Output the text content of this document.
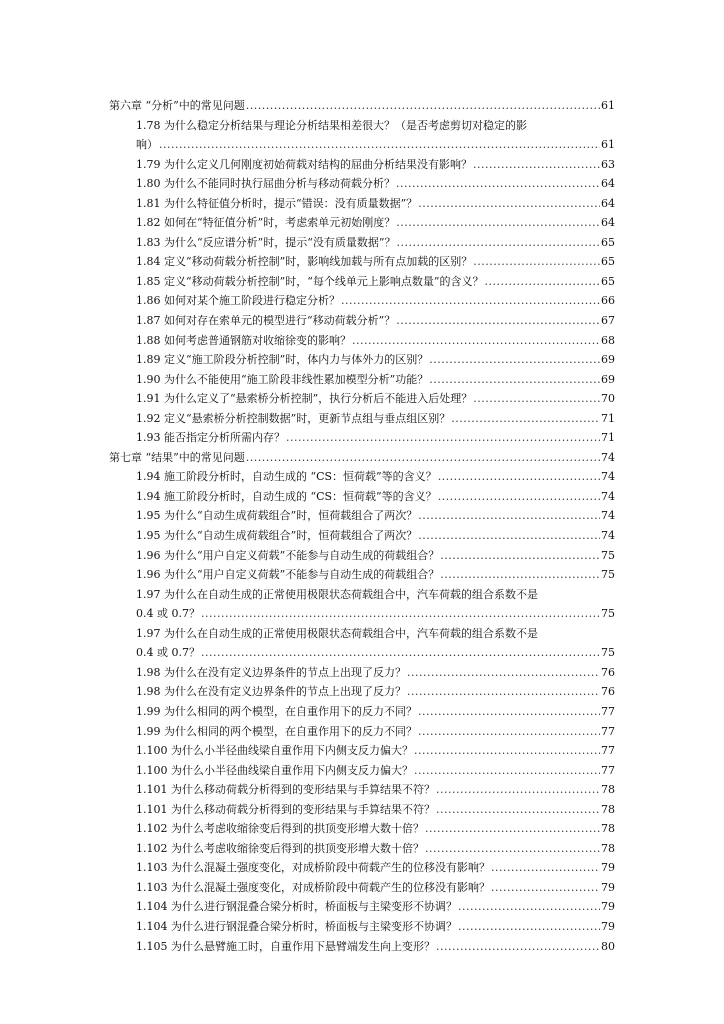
第六章 “分析”中的常见问题 .....	61
1.78 为什么稳定分析结果与理论分析结果相差很大？（是否考虑剪切对稳定的影
响） .....	61
1.79 为什么定义几何刚度初始荷载对结构的屈曲分析结果没有影响？ .....	63
1.80 为什么不能同时执行屈曲分析与移动荷载分析？ .....	64
1.81 为什么特征值分析时，提示“错误：没有质量数据”？ .....	64
1.82 如何在“特征值分析”时，考虑索单元初始刚度？ .....	64
1.83 为什么“反应谱分析”时，提示“没有质量数据”？ .....	65
1.84 定义“移动荷载分析控制”时，影响线加载与所有点加载的区别？ .....	65
1.85 定义“移动荷载分析控制”时，“每个线单元上影响点数量”的含义？ .....	65
1.86 如何对某个施工阶段进行稳定分析？ .....	66
1.87 如何对存在索单元的模型进行“移动荷载分析”？ .....	67
1.88 如何考虑普通钢筋对收缩徐变的影响？ .....	68
1.89 定义“施工阶段分析控制”时，体内力与体外力的区别？ .....	69
1.90 为什么不能使用“施工阶段非线性累加模型分析”功能？ .....	69
1.91 为什么定义了“悬索桥分析控制”，执行分析后不能进入后处理？ .....	70
1.92 定义“悬索桥分析控制数据”时，更新节点组与垂点组区别？ .....	71
1.93 能否指定分析所需内存？ .....	71
第七章 “结果”中的常见问题 .....	74
1.94 施工阶段分析时，自动生成的 “CS：恒荷载”等的含义？ .....	74
1.94 施工阶段分析时，自动生成的 “CS：恒荷载”等的含义？ .....	74
1.95 为什么“自动生成荷载组合”时，恒荷载组合了两次？ .....	74
1.95 为什么“自动生成荷载组合”时，恒荷载组合了两次？ .....	74
1.96 为什么“用户自定义荷载”不能参与自动生成的荷载组合？ .....	75
1.96 为什么“用户自定义荷载”不能参与自动生成的荷载组合？ .....	75
1.97 为什么在自动生成的正常使用极限状态荷载组合中，汽车荷载的组合系数不是
0.4 或 0.7？ .....	75
1.97 为什么在自动生成的正常使用极限状态荷载组合中，汽车荷载的组合系数不是
0.4 或 0.7？ .....	75
1.98 为什么在没有定义边界条件的节点上出现了反力？ .....	76
1.98 为什么在没有定义边界条件的节点上出现了反力？ .....	76
1.99 为什么相同的两个模型，在自重作用下的反力不同？ .....	77
1.99 为什么相同的两个模型，在自重作用下的反力不同？ .....	77
1.100 为什么小半径曲线梁自重作用下内侧支反力偏大？ .....	77
1.100 为什么小半径曲线梁自重作用下内侧支反力偏大？ .....	77
1.101 为什么移动荷载分析得到的变形结果与手算结果不符？ .....	78
1.101 为什么移动荷载分析得到的变形结果与手算结果不符？ .....	78
1.102 为什么考虑收缩徐变后得到的拱顶变形增大数十倍？ .....	78
1.102 为什么考虑收缩徐变后得到的拱顶变形增大数十倍？ .....	78
1.103 为什么混凝土强度变化，对成桥阶段中荷载产生的位移没有影响？ .....	79
1.103 为什么混凝土强度变化，对成桥阶段中荷载产生的位移没有影响？ .....	79
1.104 为什么进行钢混叠合梁分析时，桥面板与主梁变形不协调？ .....	79
1.104 为什么进行钢混叠合梁分析时，桥面板与主梁变形不协调？ .....	79
1.105 为什么悬臂施工时，自重作用下悬臂端发生向上变形？ .....	80
